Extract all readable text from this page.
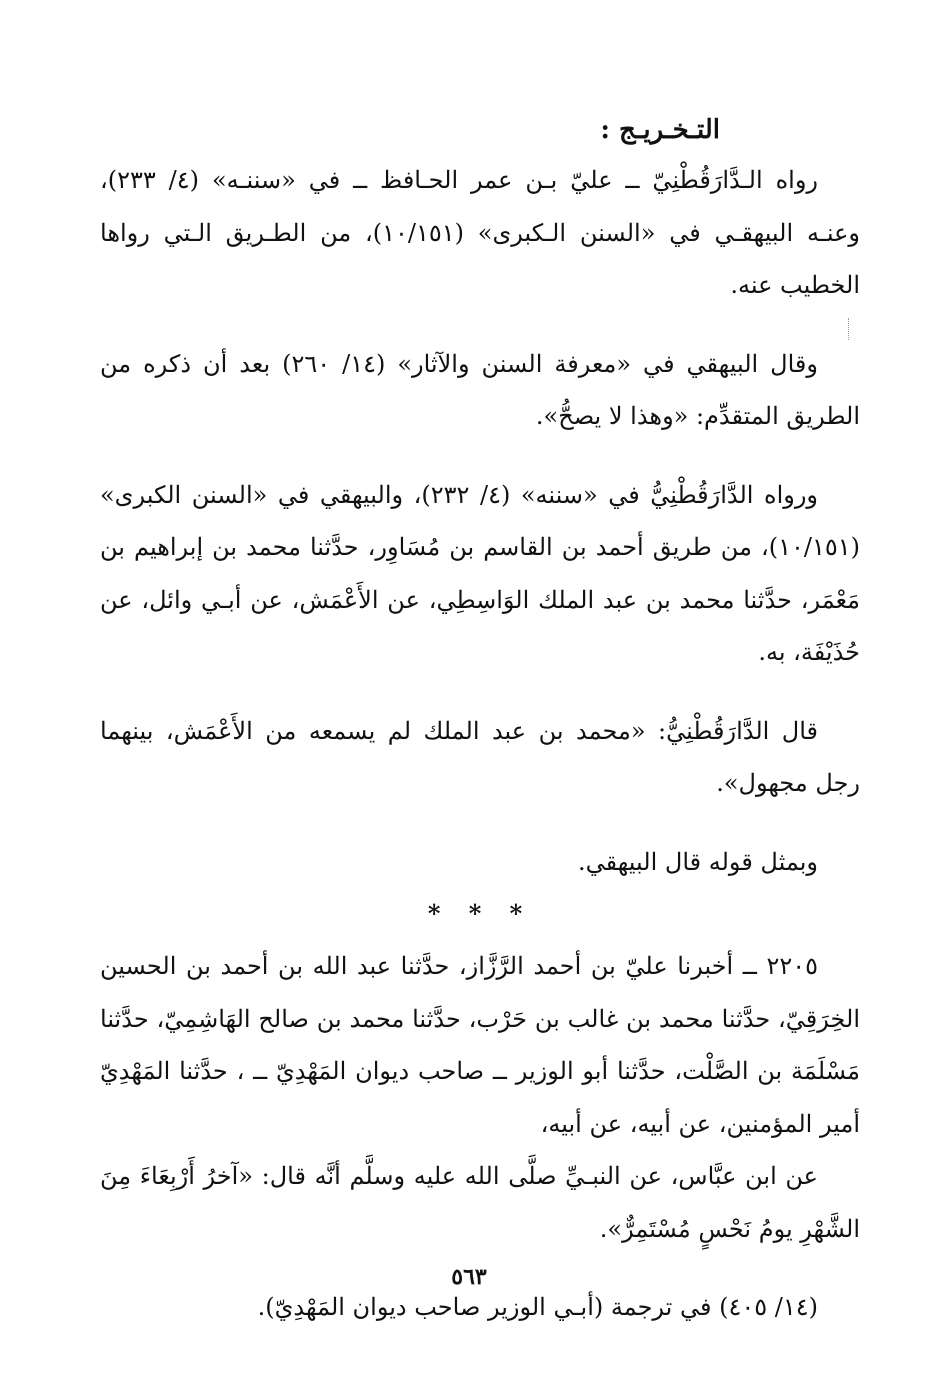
التـخـريـج :

رواه الـدَّارَقُطْنِيّ ــ عليّ بـن عمر الحـافظ ــ في «سننـه» (٤/ ٢٣٣)، وعنـه البيهقـي في «السنن الـكبرى» (١٠/١٥١)، من الطـريق الـتي رواها الخطيب عنه.

وقال البيهقي في «معرفة السنن والآثار» (١٤/ ٢٦٠) بعد أن ذكره من الطريق المتقدِّم: «وهذا لا يصحُّ».

ورواه الدَّارَقُطْنِيُّ في «سننه» (٤/ ٢٣٢)، والبيهقي في «السنن الكبرى» (١٠/١٥١)، من طريق أحمد بن القاسم بن مُسَاوِر، حدَّثنا محمد بن إبراهيم بن مَعْمَر، حدَّثنا محمد بن عبد الملك الوَاسِطِي، عن الأَعْمَش، عن أبـي وائل، عن حُذَيْفَة، به.

قال الدَّارَقُطْنِيُّ: «محمد بن عبد الملك لم يسمعه من الأَعْمَش، بينهما رجل مجهول».

وبمثل قوله قال البيهقي.

* * *

٢٢٠٥ ــ أخبرنا عليّ بن أحمد الرَّزَّاز، حدَّثنا عبد الله بن أحمد بن الحسين الخِرَقِيّ، حدَّثنا محمد بن غالب بن حَرْب، حدَّثنا محمد بن صالح الهَاشِمِيّ، حدَّثنا مَسْلَمَة بن الصَّلْت، حدَّثنا أبو الوزير ــ صاحب ديوان المَهْدِيّ ــ ، حدَّثنا المَهْدِيّ أمير المؤمنين، عن أبيه، عن أبيه،

عن ابن عبَّاس، عن النبـيِّ صلَّى الله عليه وسلَّم أنَّه قال: «آخرُ أَرْبِعَاءَ مِنَ الشَّهْرِ يومُ نَحْسٍ مُسْتَمِرٌّ».

(١٤/ ٤٠٥) في ترجمة (أبـي الوزير صاحب ديوان المَهْدِيّ).

٥٦٣
